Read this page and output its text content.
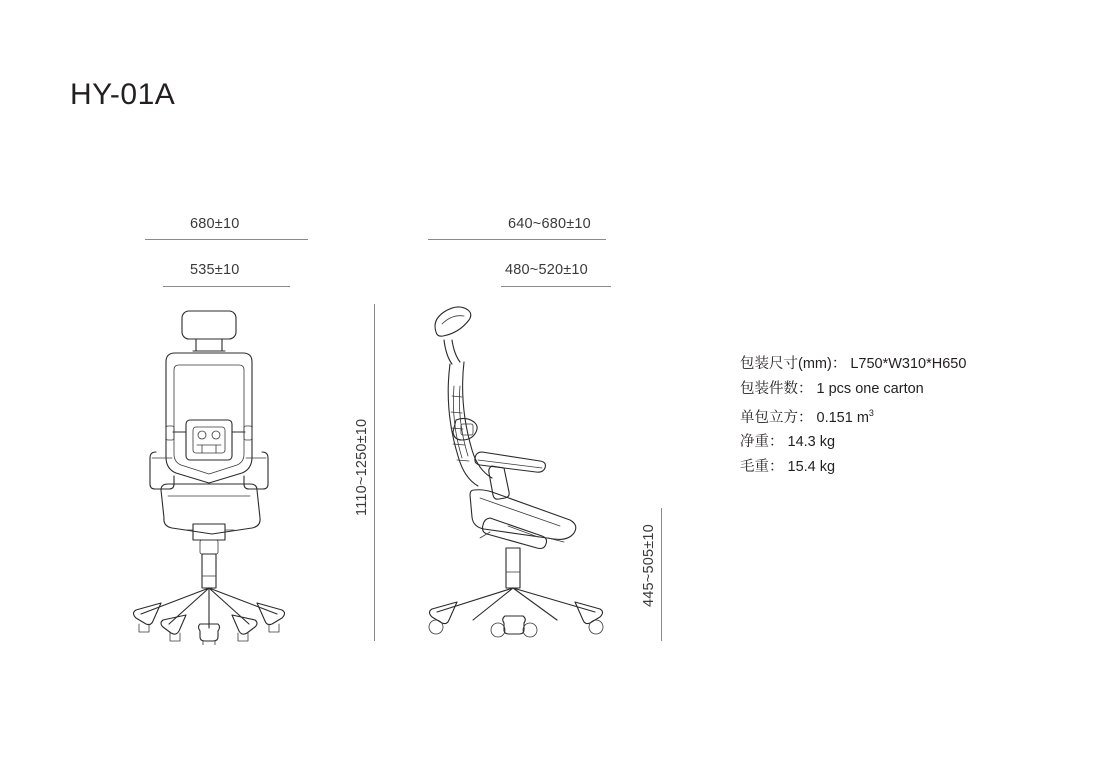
HY-01A
680±10
535±10
640~680±10
480~520±10
1110~1250±10
445~505±10
包装尺寸(mm)： L750*W310*H650
包装件数： 1 pcs one carton
单包立方： 0.151 $m^3$
净重： 14.3 kg
毛重： 15.4 kg
